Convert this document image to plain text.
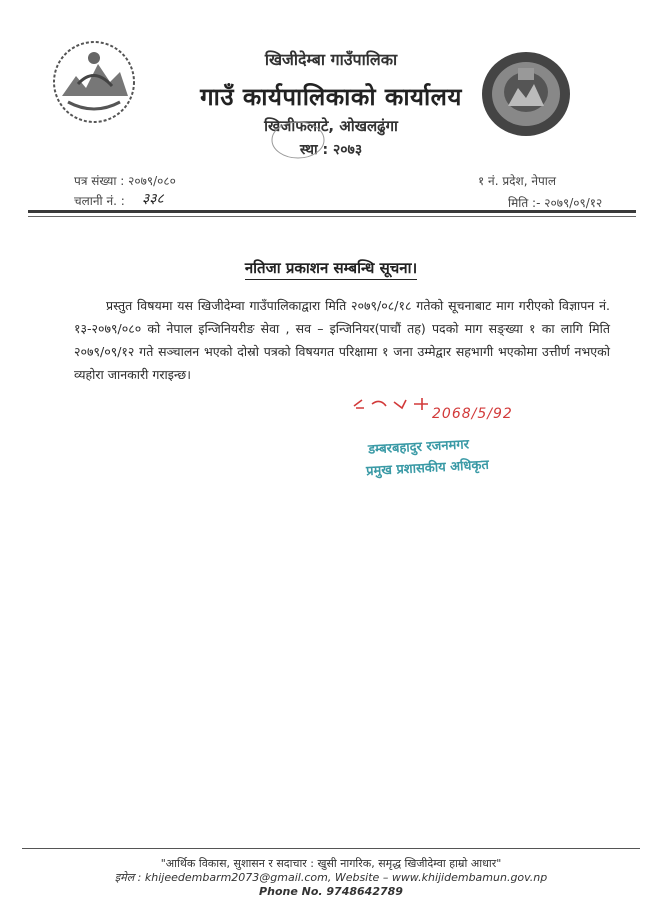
खिजीदेम्बा गाउँपालिका
गाउँ कार्यपालिकाको कार्यालय
खिजीफलाटे, ओखलढुंगा
स्था : २०७३
पत्र संख्या : २०७९/०८०
चलानी नं. : ३३८
१ नं. प्रदेश, नेपाल
मिति :- २०७९/०९/१२
नतिजा प्रकाशन सम्बन्धि सूचना।
प्रस्तुत विषयमा यस खिजीदेम्वा गाउँपालिकाद्वारा मिति २०७९/०८/१८ गतेको सूचनाबाट माग गरीएको विज्ञापन नं. १३-२०७९/०८० को नेपाल इन्जिनियरीङ सेवा , सव – इन्जिनियर(पाचौं तह) पदको माग सङ्ख्या १ का लागि मिति २०७९/०९/१२ गते सञ्चालन भएको दोस्रो पत्रको विषयगत परिक्षामा १ जना उम्मेद्वार सहभागी भएकोमा उत्तीर्ण नभएको व्यहोरा जानकारी गराइन्छ।
2068/5/92
डम्बरबहादुर रजनमगर
प्रमुख प्रशासकीय अधिकृत
"आर्थिक विकास, सुशासन र सदाचार : खुसी नागरिक, समृद्ध खिजीदेम्वा हाम्रो आधार"
इमेल : khijeedembarm2073@gmail.com, Website – www.khijidembamun.gov.np
Phone No. 9748642789
